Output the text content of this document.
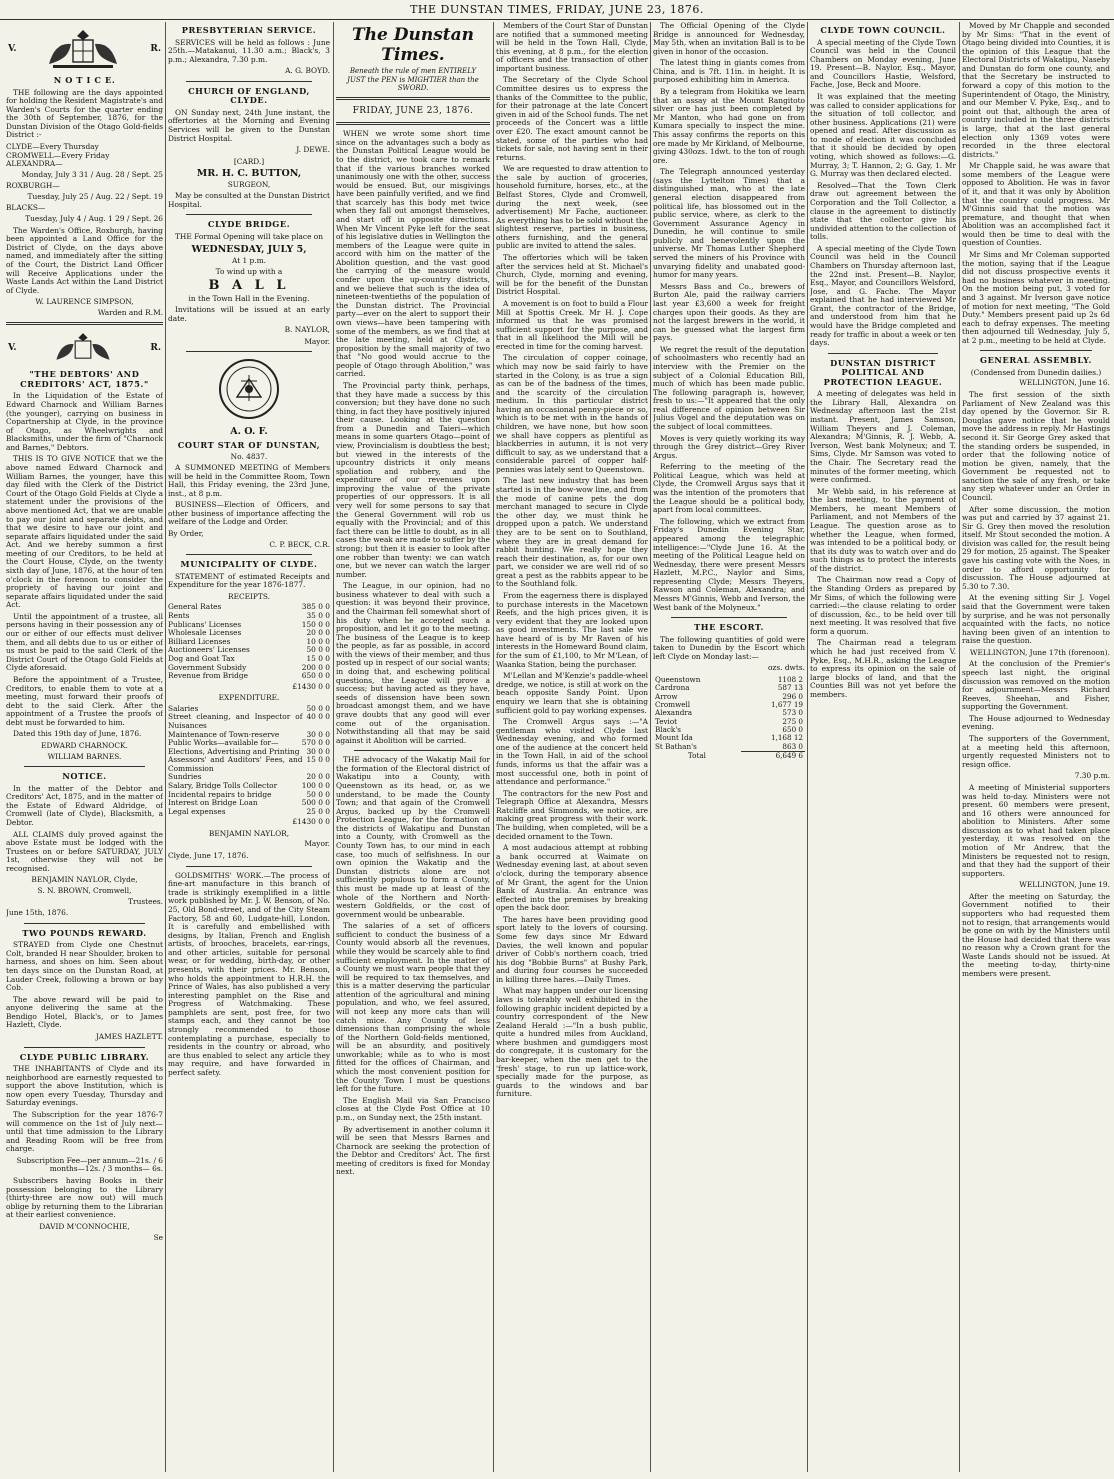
THE DUNSTAN TIMES, FRIDAY, JUNE 23, 1876.
V.	R.
N O T I C E.

THE following are the days appointed for holding the Resident Magistrate's and Warden's Courts for the quarter ending the 30th of September, 1876, for the Dunstan Division of the Otago Gold-fields District :-

CLYDE—Every Thursday
CROMWELL—Every Friday
ALEXANDRA—
Monday, July 3 31 / Aug. 28 / Sept. 25
ROXBURGH—
Tuesday, July 25 / Aug. 22 / Sept. 19
BLACKS—
Tuesday, July 4 / Aug. 1 29 / Sept. 26

The Warden's Office, Roxburgh, having been appointed a Land Office for the District of Clyde, on the days above named, and immediately after the sitting of the Court, the District Land Officer will Receive Applications under the Waste Lands Act within the Land District of Clyde.

W. LAURENCE SIMPSON,
Warden and R.M.
V.	R.
"THE DEBTORS' AND CREDITORS' ACT, 1875."

In the Liquidation of the Estate of Edward Charnock and William Barnes (the younger), carrying on business in Copartnership at Clyde, in the province of Otago, as Wheelwrights and Blacksmiths, under the firm of "Charnock and Barnes," Debtors.

THIS IS TO GIVE NOTICE that we the above named Edward Charnock and William Barnes, the younger, have this day filed with the Clerk of the District Court of the Otago Gold Fields at Clyde a statement under the provisions of the above mentioned Act, that we are unable to pay our joint and separate debts, and that we desire to have our joint and separate affairs liquidated under the said Act. And we hereby summon a first meeting of our Creditors, to be held at the Court House, Clyde, on the twenty sixth day of June, 1876, at the hour of ten o'clock in the forenoon to consider the propriety of having our joint and separate affairs liquidated under the said Act.

Until the appointment of a trustee, all persons having in their possession any of our or either of our effects must deliver them, and all debts due to us or either of us must be paid to the said Clerk of the District Court of the Otago Gold Fields at Clyde aforesaid.

Before the appointment of a Trustee, Creditors, to enable them to vote at a meeting, must forward their proofs of debt to the said Clerk. After the appointment of a Trustee the proofs of debt must be forwarded to him.

Dated this 19th day of June, 1876.

EDWARD CHARNOCK.
WILLIAM BARNES.
NOTICE.

In the matter of the Debtor and Creditors' Act, 1875, and in the matter of the Estate of Edward Aldridge, of Cromwell (late of Clyde), Blacksmith, a Debtor.

ALL CLAIMS duly proved against the above Estate must be lodged with the Trustees on or before SATURDAY, JULY 1st, otherwise they will not be recognised.

BENJAMIN NAYLOR, Clyde,
S. N. BROWN, Cromwell,
Trustees.
June 15th, 1876.
TWO POUNDS REWARD.

STRAYED from Clyde one Chestnut Colt, branded H near Shoulder, broken to harness, and shoes on him. Seen about ten days since on the Dunstan Road, at Lauder Creek, following a brown or bay Cob.

The above reward will be paid to anyone delivering the same at the Bendigo Hotel, Black's, or to James Hazlett, Clyde.

JAMES HAZLETT.
CLYDE PUBLIC LIBRARY.

THE INHABITANTS of Clyde and its neighborhood are earnestly requested to support the above Institution, which is now open every Tuesday, Thursday and Saturday evenings.

The Subscription for the year 1876-7 will commence on the 1st of July next—until that time admission to the Library and Reading Room will be free from charge.

Subscription Fee—per annum—21s. / 6 months—12s. / 3 months— 6s.

Subscribers having Books in their possession belonging to the Library (thirty-three are now out) will much oblige by returning them to the Librarian at their earliest convenience.

DAVID M'CONNOCHIE,
Se
PRESBYTERIAN SERVICE.

SERVICES will be held as follows : June 25th.—Matakanui, 11.30 a.m.; Black's, 3 p.m.; Alexandra, 7.30 p.m.

A. G. BOYD.
CHURCH OF ENGLAND, CLYDE.

ON Sunday next, 24th June instant, the offertories at the Morning and Evening Services will be given to the Dunstan District Hospital.

J. DEWE.
[CARD.]
MR. H. C. BUTTON,
SURGEON,

May be consulted at the Dunstan District Hospital.

CLYDE BRIDGE.

THE Formal Opening will take place on

WEDNESDAY, JULY 5,
At 1 p.m.
To wind up with a
B A L L
in the Town Hall in the Evening.

Invitations will be issued at an early date.

B. NAYLOR,
Mayor.
A. O. F.
COURT STAR OF DUNSTAN,
No. 4837.

A SUMMONED MEETING of Members will be held in the Committee Room, Town Hall, this Friday evening, the 23rd June, inst., at 8 p.m.

BUSINESS—Election of Officers, and other business of importance affecting the welfare of the Lodge and Order.

By Order,
C. P. BECK, C.R.
MUNICIPALITY OF CLYDE.

STATEMENT of estimated Receipts and Expenditure for the year 1876-1877.

RECEIPTS.
General Rates	385 0 0
Rents	35 0 0
Publicans' Licenses	150 0 0
Wholesale Licenses	20 0 0
Billiard Licenses	10 0 0
Auctioneers' Licenses	50 0 0
Dog and Goat Tax	15 0 0
Government Subsidy	200 0 0
Revenue from Bridge	650 0 0
£1430 0 0
EXPENDITURE.
Salaries	50 0 0
Street cleaning, and Inspector of Nuisances
40 0 0
Maintenance of Town-reserve	30 0 0
Public Works—available for—	570 0 0
Elections, Advertising and Printing 30 0 0
Assessors' and Auditors' Fees, and Commission
15 0 0
Sundries	20 0 0
Salary, Bridge Tolls Collector	100 0 0
Incidental repairs to bridge	50 0 0
Interest on Bridge Loan	500 0 0
Legal expenses	25 0 0
£1430 0 0
BENJAMIN NAYLOR,
Mayor.
Clyde, June 17, 1876.

GOLDSMITHS' WORK.—The process of fine-art manufacture in this branch of trade is strikingly exemplified in a little work published by Mr. J. W. Benson, of No. 25, Old Bond-street, and of the City Steam Factory, 58 and 60, Ludgate-hill, London. It is carefully and embellished with designs, by Italian, French and English artists, of brooches, bracelets, ear-rings, and other articles, suitable for personal wear, or for wedding, birth-day, or other presents, with their prices. Mr. Benson, who holds the appointment to H.R.H. the Prince of Wales, has also published a very interesting pamphlet on the Rise and Progress of Watchmaking. These pamphlets are sent, post free, for two stamps each, and they cannot be too strongly recommended to those contemplating a purchase, especially to residents in the country or abroad, who are thus enabled to select any article they may require, and have forwarded in perfect safety.

The Dunstan Times.
Beneath the rule of men ENTIRELY JUST the PEN is MIGHTIER than the SWORD.
FRIDAY, JUNE 23, 1876.

WHEN we wrote some short time since on the advantages such a body as the Dunstan Political League would be to the district, we took care to remark that if the various branches worked unanimously one with the other, success would be ensued. But, our misgivings have been painfully verified, and we find that scarcely has this body met twice when they fall out amongst themselves, and start off in opposite directions. When Mr Vincent Pyke left for the seat of his legislative duties in Wellington the members of the League were quite in accord with him on the matter of the Abolition question, and the vast good the carrying of the measure would confer upon the up-country districts, and we believe that such is the idea of nineteen-twentieths of the population of the Dunstan district. The Provincial party—ever on the alert to support their own views—have been tampering with some of the members, as we find that at the late meeting, held at Clyde, a proposition by the small majority of two that "No good would accrue to the people of Otago through Abolition," was carried.

The Provincial party think, perhaps, that they have made a success by this conversion; but they have done no such thing, in fact they have positively injured their cause. Looking at the question from a Dunedin and Taieri—which means in some quarters Otago—point of view, Provincialism is doubtless the best; but viewed in the interests of the upcountry districts it only means spoliation and robbery, and the expenditure of our revenues upon improving the value of the private properties of our oppressors. It is all very well for some persons to say that the General Government will rob us equally with the Provincial; and of this fact there can be little to doubt, as in all cases the weak are made to suffer by the strong; but then it is easier to look after one robber than twenty: we can watch one, but we never can watch the larger number.

The League, in our opinion, had no business whatever to deal with such a question: it was beyond their province, and the Chairman fell somewhat short of his duty when he accepted such a proposition, and let it go to the meeting. The business of the League is to keep the people, as far as possible, in accord with the views of their member, and thus posted up in respect of our social wants; in doing that, and eschewing political questions, the League will prove a success; but having acted as they have, seeds of dissension have been sown broadcast amongst them, and we have grave doubts that any good will ever come out of the organisation. Notwithstanding all that may be said against it Abolition will be carried.

THE advocacy of the Wakatip Mail for the formation of the Electoral district of Wakatipu into a County, with Queenstown as its head, or, as we understand, to be made the County Town; and that again of the Cromwell Argus, backed up by the Cromwell Protection League, for the formation of the districts of Wakatipu and Dunstan into a County, with Cromwell as the County Town has, to our mind in each case, too much of selfishness. In our own opinion the Wakatip and the Dunstan districts alone are not sufficiently populous to form a County, this must be made up at least of the whole of the Northern and North-western Goldfields, or the cost of government would be unbearable.

The salaries of a set of officers sufficient to conduct the business of a County would absorb all the revenues, while they would be scarcely able to find sufficient employment. In the matter of a County we must warn people that they will be required to tax themselves, and this is a matter deserving the particular attention of the agricultural and mining population, and who, we feel assured, will not keep any more cats than will catch mice. Any County of less dimensions than comprising the whole of the Northern Gold-fields mentioned, will be an absurdity, and positively unworkable; while as to who is most fitted for the offices of Chairman, and which the most convenient position for the County Town I must be questions left for the future.

The English Mail via San Francisco closes at the Clyde Post Office at 10 p.m., on Sunday next, the 25th instant.

By advertisement in another column it will be seen that Messrs Barnes and Charnock are seeking the protection of the Debtor and Creditors' Act. The first meeting of creditors is fixed for Monday next.

Members of the Court Star of Dunstan are notified that a summoned meeting will be held in the Town Hall, Clyde, this evening, at 8 p.m., for the election of officers and the transaction of other important business.

The Secretary of the Clyde School Committee desires us to express the thanks of the Committee to the public, for their patronage at the late Concert given in aid of the School funds. The net proceeds of the Concert was a little over £20. The exact amount cannot be stated, some of the parties who had tickets for sale, not having sent in their returns.

We are requested to draw attention to the sale by auction of groceries, household furniture, horses, etc., at the Belfast Stores, Clyde and Cromwell, during the next week, (see advertisement) Mr Fache, auctioneer. As everything has to be sold without the slightest reserve, parties in business, others furnishing, and the general public are invited to attend the sales.

The offertories which will be taken after the services held at St. Michael's Church, Clyde, morning and evening, will be for the benefit of the Dunstan District Hospital.

A movement is on foot to build a Flour Mill at Spottis Creek. Mr H. J. Cope informed us that he was promised sufficient support for the purpose, and that in all likelihood the Mill will be erected in time for the coming harvest.

The circulation of copper coinage, which may now be said fairly to have started in the Colony, is as true a sign as can be of the badness of the times, and the scarcity of the circulation medium. In this particular district having an occasional penny-piece or so, which is to be met with in the hands of children, we have none, but how soon we shall have coppers as plentiful as blackberries in autumn, it is not very difficult to say, as we understand that a considerable parcel of copper half-pennies was lately sent to Queenstown.

The last new industry that has been started is in the bow-wow line, and from the mode of canine pets the dog merchant managed to secure in Clyde the other day, we must think he dropped upon a patch. We understand they are to be sent on to Southland, where they are in great demand for rabbit hunting. We really hope they reach their destination, as, for our own part, we consider we are well rid of so great a pest as the rabbits appear to be to the Southland folk.

From the eagerness there is displayed to purchase interests in the Macetown Reefs, and the high prices given, it is very evident that they are looked upon as good investments. The last sale we have heard of is by Mr Raven of his interests in the Homeward Bound claim, for the sum of £1,100, to Mr M'Lean, of Waanka Station, being the purchaser.

M'Lellan and M'Kenzie's paddle-wheel dredge, we notice, is still at work on the beach opposite Sandy Point. Upon enquiry we learn that she is obtaining sufficient gold to pay working expenses.

The Cromwell Argus says :—"A gentleman who visited Clyde last Wednesday evening, and who formed one of the audience at the concert held in the Town Hall, in aid of the school funds, informs us that the affair was a most successful one, both in point of attendance and performance."

The contractors for the new Post and Telegraph Office at Alexandra, Messrs Ratcliffe and Simmonds, we notice, are making great progress with their work. The building, when completed, will be a decided ornament to the Town.

A most audacious attempt at robbing a bank occurred at Waimate on Wednesday evening last, at about seven o'clock, during the temporary absence of Mr Grant, the agent for the Union Bank of Australia. An entrance was effected into the premises by breaking open the back door.

The hares have been providing good sport lately to the lovers of coursing. Some few days since Mr Edward Davies, the well known and popular driver of Cobb's northern coach, tried his dog "Bobbie Burns" at Bushy Park, and during four courses he succeeded in killing three hares.—Daily Times.

What may happen under our licensing laws is tolerably well exhibited in the following graphic incident depicted by a country correspondent of the New Zealand Herald :—"In a bush public, quite a hundred miles from Auckland, where bushmen and gumdiggers most do congregate, it is customary for the bar-keeper, when the men get to the 'fresh' stage, to run up lattice-work, specially made for the purpose, as guards to the windows and bar furniture.

The Official Opening of the Clyde Bridge is announced for Wednesday, May 5th, when an invitation Ball is to be given in honor of the occasion.

The latest thing in giants comes from China, and is 7ft. 11in. in height. It is purposed exhibiting him in America.

By a telegram from Hokitika we learn that an assay at the Mount Rangitoto silver ore has just been completed by Mr Manton, who had gone on from Kumara specially to inspect the mine. This assay confirms the reports on this ore made by Mr Kirkland, of Melbourne, giving 430ozs. 1dwt. to the ton of rough ore.

The Telegraph announced yesterday (says the Lyttelton Times) that a distinguished man, who at the late general election disappeared from political life, has blossomed out in the public service, where, as clerk to the Government Assurance Agency in Dunedin, he will continue to smile publicly and benevolently upon the universe. Mr Thomas Luther Shepherd served the miners of his Province with unvarying fidelity and unabated good-humor for many years.

Messrs Bass and Co., brewers of Burton Ale, paid the railway carriers last year £3,600 a week for freight charges upon their goods. As they are not the largest brewers in the world, it can be guessed what the largest firm pays.

We regret the result of the deputation of schoolmasters who recently had an interview with the Premier on the subject of a Colonial Education Bill, much of which has been made public. The following paragraph is, however, fresh to us:—"It appeared that the only real difference of opinion between Sir Julius Vogel and the deputation was on the subject of local committees.

Moves is very quietly working its way through the Grey district—Grey River Argus.

Referring to the meeting of the Political League, which was held at Clyde, the Cromwell Argus says that it was the intention of the promoters that the League should be a political body, apart from local committees.

The following, which we extract from Friday's Dunedin Evening Star, appeared among the telegraphic intelligence:—"Clyde June 16. At the meeting of the Political League held on Wednesday, there were present Messrs Hazlett, M.P.C., Naylor and Sims, representing Clyde; Messrs Theyers, Rawson and Coleman, Alexandra; and Messrs M'Ginnis, Webb and Iverson, the West bank of the Molyneux."

THE ESCORT.

The following quantities of gold were taken to Dunedin by the Escort which left Clyde on Monday last:—

ozs. dwts.
Queenstown	1108 2
Cardrona	587 13
Arrow	296 0
Cromwell	1,677 19
Alexandra	573 0
Teviot	275 0
Black's	650 0
Mount Ida	1,168 12
St Bathan's	863 0
Total	6,649 6
CLYDE TOWN COUNCIL.

A special meeting of the Clyde Town Council was held in the Council Chambers on Monday evening, June 19. Present—B. Naylor, Esq., Mayor, and Councillors Hastie, Welsford, Fache, Jose, Beck and Moore.

It was explained that the meeting was called to consider applications for the situation of toll collector, and other business. Applications (21) were opened and read. After discussion as to mode of election it was concluded that it should be decided by open voting, which showed as follows:—G. Murray, 3; T. Hannon, 2; G. Gay, 1. Mr G. Murray was then declared elected.

Resolved—That the Town Clerk draw out agreement between the Corporation and the Toll Collector, a clause in the agreement to distinctly state that the collector give his undivided attention to the collection of tolls.

A special meeting of the Clyde Town Council was held in the Council Chambers on Thursday afternoon last, the 22nd inst. Present—B. Naylor, Esq., Mayor, and Councillors Welsford, Jose, and G. Fache. The Mayor explained that he had interviewed Mr Grant, the contractor of the Bridge, and understood from him that he would have the Bridge completed and ready for traffic in about a week or ten days.

DUNSTAN DISTRICT POLITICAL AND PROTECTION LEAGUE.

A meeting of delegates was held in the Library Hall, Alexandra on Wednesday afternoon last the 21st instant. Present, James Samson, William Theyers and J. Coleman, Alexandra; M'Ginnis, R. J. Webb, A. Iverson, West bank Molyneux; and T. Sims, Clyde. Mr Samson was voted to the Chair. The Secretary read the minutes of the former meeting, which were confirmed.

Mr Webb said, in his reference at the last meeting, to the payment of Members, he meant Members of Parliament, and not Members of the League. The question arose as to whether the League, when formed, was intended to be a political body, or that its duty was to watch over and do such things as to protect the interests of the district.

The Chairman now read a Copy of the Standing Orders as prepared by Mr Sims, of which the following were carried:—the clause relating to order of discussion, &c., to be held over till next meeting. It was resolved that five form a quorum.

The Chairman read a telegram which he had just received from V. Pyke, Esq., M.H.R., asking the League to express its opinion on the sale of large blocks of land, and that the Counties Bill was not yet before the members.

Moved by Mr Chapple and seconded by Mr Sims: "That in the event of Otago being divided into Counties, it is the opinion of this League that the Electoral Districts of Wakatipu, Naseby and Dunstan do form one county, and that the Secretary be instructed to forward a copy of this motion to the Superintendent of Otago, the Ministry, and our Member V. Pyke, Esq., and to point out that, although the area of country included in the three districts is large, that at the last general election only 1369 votes were recorded in the three electoral districts."

Mr Chapple said, he was aware that some members of the League were opposed to Abolition. He was in favor of it, and that it was only by Abolition that the country could progress. Mr M'Ginnis said that the motion was premature, and thought that when Abolition was an accomplished fact it would then be time to deal with the question of Counties.

Mr Sims and Mr Coleman supported the motion, saying that if the League did not discuss prospective events it had no business whatever in meeting. On the motion being put, 3 voted for and 3 against. Mr Iverson gave notice of motion for next meeting, "The Gold Duty." Members present paid up 2s 6d each to defray expenses. The meeting then adjourned till Wednesday, July 5, at 2 p.m., meeting to be held at Clyde.

GENERAL ASSEMBLY.
(Condensed from Dunedin dailies.)
WELLINGTON, June 16.

The first session of the sixth Parliament of New Zealand was this day opened by the Governor. Sir R. Douglas gave notice that he would move the address in reply. Mr Hastings second it. Sir George Grey asked that the standing orders be suspended, in order that the following notice of motion be given, namely, that the Government be requested not to sanction the sale of any fresh, or take any step whatever under an Order in Council.

After some discussion, the motion was put and carried by 37 against 21. Sir G. Grey then moved the resolution itself. Mr Stout seconded the motion. A division was called for, the result being 29 for motion, 25 against. The Speaker gave his casting vote with the Noes, in order to afford opportunity for discussion. The House adjourned at 5.30 to 7.30.

At the evening sitting Sir J. Vogel said that the Government were taken by surprise, and he was not personally acquainted with the facts, no notice having been given of an intention to raise the question.

WELLINGTON, June 17th (forenoon).

At the conclusion of the Premier's speech last night, the original discussion was removed on the motion for adjournment—Messrs Richard Reeves, Sheehan, and Fisher, supporting the Government.

The House adjourned to Wednesday evening.

The supporters of the Government, at a meeting held this afternoon, urgently requested Ministers not to resign office.

7.30 p.m.

A meeting of Ministerial supporters was held to-day. Ministers were not present. 60 members were present, and 16 others were announced for abolition to Ministers. After some discussion as to what had taken place yesterday, it was resolved on the motion of Mr Andrew, that the Ministers be requested not to resign, and that they had the support of their supporters.

WELLINGTON, June 19.

After the meeting on Saturday, the Government notified to their supporters who had requested them not to resign, that arrangements would be gone on with by the Ministers until the House had decided that there was no reason why a Crown grant for the Waste Lands should not be issued. At the meeting to-day, thirty-nine members were present.
